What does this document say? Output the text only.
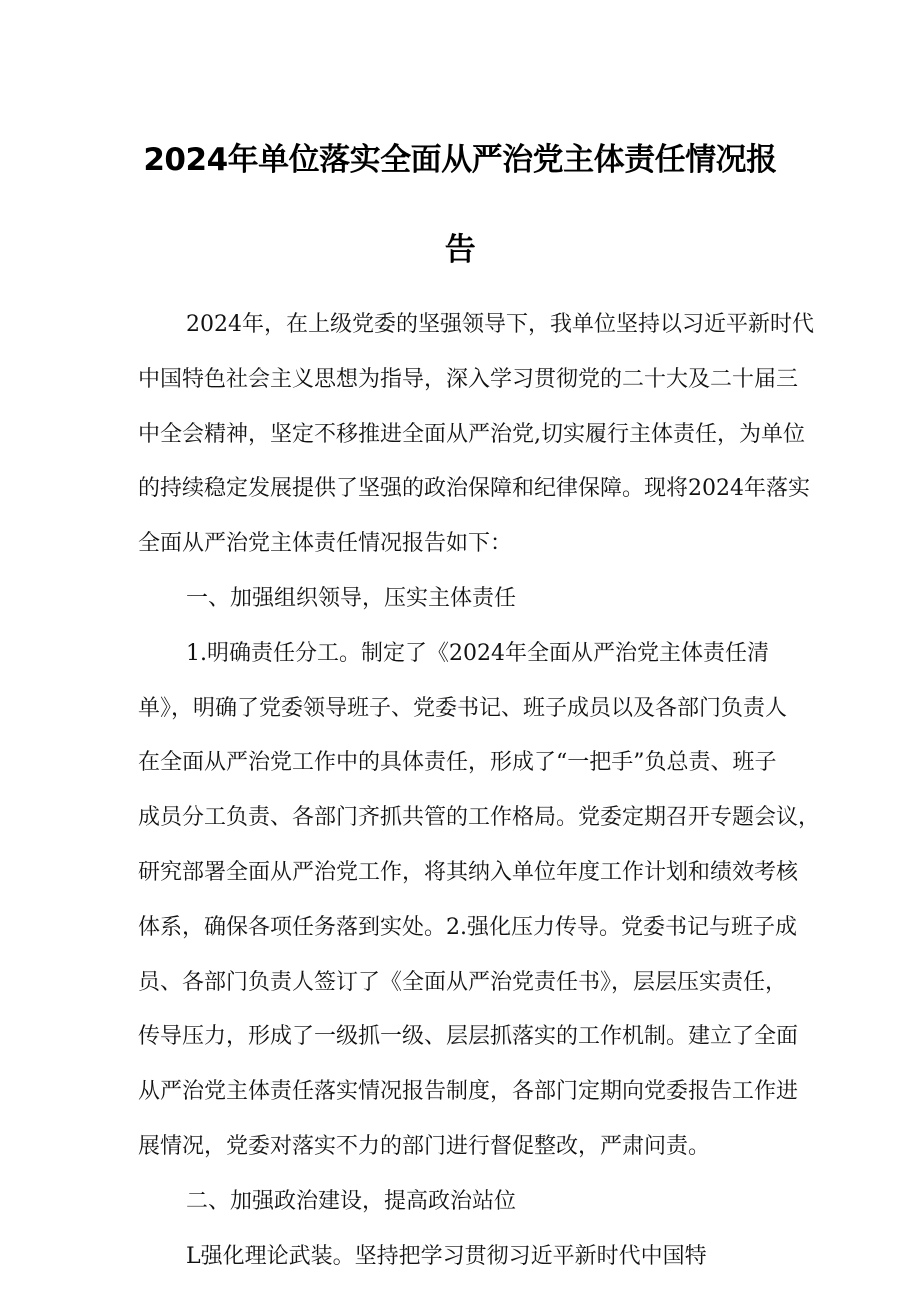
2024年单位落实全面从严治党主体责任情况报
告
2024年，在上级党委的坚强领导下，我单位坚持以习近平新时代
中国特色社会主义思想为指导，深入学习贯彻党的二十大及二十届三
中全会精神，坚定不移推进全面从严治党,切实履行主体责任，为单位
的持续稳定发展提供了坚强的政治保障和纪律保障。现将2024年落实
全面从严治党主体责任情况报告如下：
一、加强组织领导，压实主体责任
1.明确责任分工。制定了《2024年全面从严治党主体责任清
单》，明确了党委领导班子、党委书记、班子成员以及各部门负责人
在全面从严治党工作中的具体责任，形成了“一把手”负总责、班子
成员分工负责、各部门齐抓共管的工作格局。党委定期召开专题会议，
研究部署全面从严治党工作，将其纳入单位年度工作计划和绩效考核
体系，确保各项任务落到实处。2.强化压力传导。党委书记与班子成
员、各部门负责人签订了《全面从严治党责任书》，层层压实责任，
传导压力，形成了一级抓一级、层层抓落实的工作机制。建立了全面
从严治党主体责任落实情况报告制度，各部门定期向党委报告工作进
展情况，党委对落实不力的部门进行督促整改，严肃问责。
二、加强政治建设，提高政治站位
L强化理论武装。坚持把学习贯彻习近平新时代中国特
